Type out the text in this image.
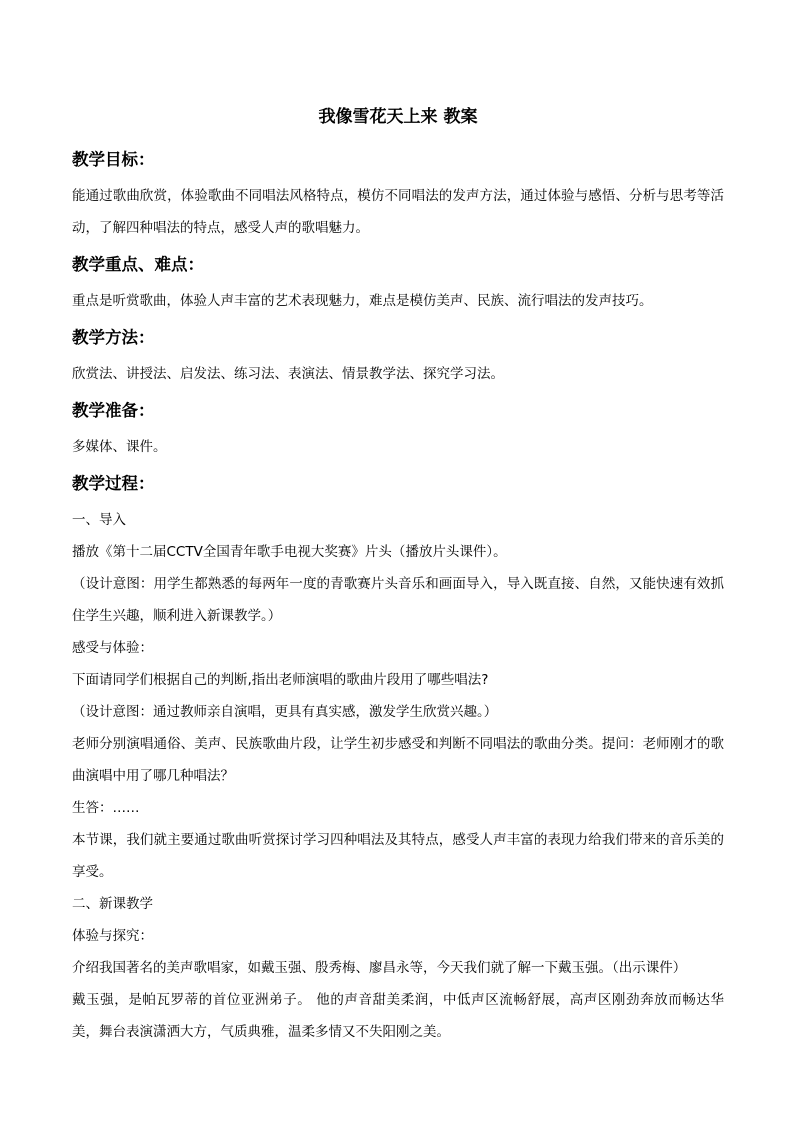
我像雪花天上来 教案
教学目标：

能通过歌曲欣赏，体验歌曲不同唱法风格特点，模仿不同唱法的发声方法，通过体验与感悟、分析与思考等活动，了解四种唱法的特点，感受人声的歌唱魅力。

教学重点、难点：

重点是听赏歌曲，体验人声丰富的艺术表现魅力，难点是模仿美声、民族、流行唱法的发声技巧。

教学方法：

欣赏法、讲授法、启发法、练习法、表演法、情景教学法、探究学习法。

教学准备：

多媒体、课件。

教学过程：

一、导入

播放《第十二届CCTV全国青年歌手电视大奖赛》片头（播放片头课件）。

（设计意图：用学生都熟悉的每两年一度的青歌赛片头音乐和画面导入，导入既直接、自然，又能快速有效抓住学生兴趣，顺利进入新课教学。）

感受与体验：

下面请同学们根据自己的判断,指出老师演唱的歌曲片段用了哪些唱法?

（设计意图：通过教师亲自演唱，更具有真实感，激发学生欣赏兴趣。）

老师分别演唱通俗、美声、民族歌曲片段，让学生初步感受和判断不同唱法的歌曲分类。提问：老师刚才的歌曲演唱中用了哪几种唱法？

生答：……

本节课，我们就主要通过歌曲听赏探讨学习四种唱法及其特点，感受人声丰富的表现力给我们带来的音乐美的享受。

二、新课教学

体验与探究：

介绍我国著名的美声歌唱家，如戴玉强、殷秀梅、廖昌永等，今天我们就了解一下戴玉强。（出示课件）

戴玉强，是帕瓦罗蒂的首位亚洲弟子。 他的声音甜美柔润，中低声区流畅舒展，高声区刚劲奔放而畅达华美，舞台表演潇洒大方，气质典雅，温柔多情又不失阳刚之美。
